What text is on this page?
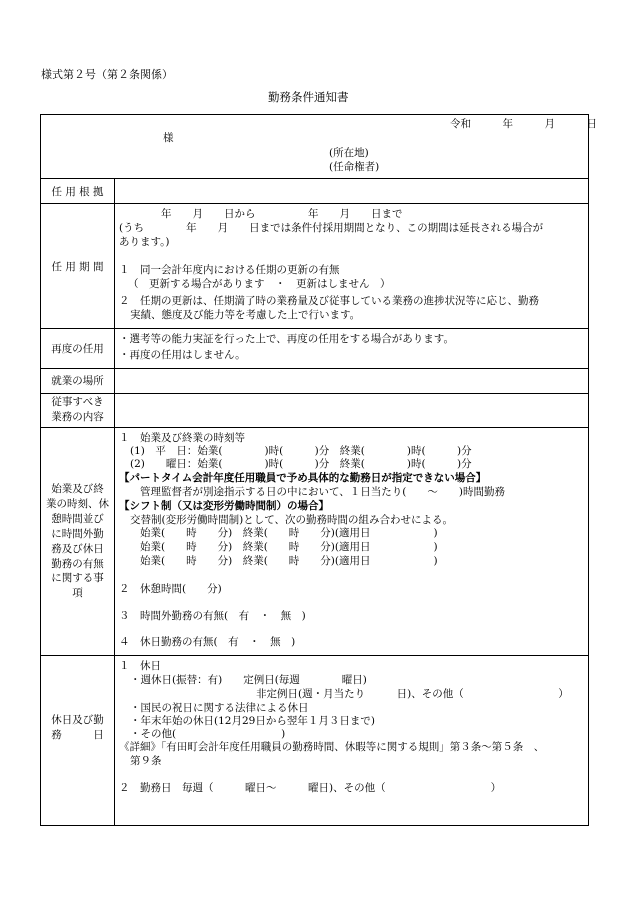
様式第２号（第２条関係）
勤務条件通知書
令和　　　年　　　月　　　日
様
(所在地)
(任命権者)
任 用 根 拠
任 用 期 間
年　　月　　日から　　　　　年　　月　　日まで
(うち　　　　年　　月　　日までは条件付採用期間となり、この期間は延長される場合が
あります。)
１　同一会計年度内における任期の更新の有無
（　更新する場合があります　・　更新はしません　）
２　任期の更新は、任期満了時の業務量及び従事している業務の進捗状況等に応じ、勤務
実績、態度及び能力等を考慮した上で行います。
再度の任用
・選考等の能力実証を行った上で、再度の任用をする場合があります。
・再度の任用はしません。
就業の場所
従事すべき
業務の内容
始業及び終
業の時刻、休
憩時間並び
に時間外勤
務及び休日
勤務の有無
に関する事
項
１　始業及び終業の時刻等
(1)　平　日：始業(　　　　)時(　　　)分　終業(　　　　)時(　　　)分
(2)　　曜日：始業(　　　　)時(　　　)分　終業(　　　　)時(　　　)分
【パートタイム会計年度任用職員で予め具体的な勤務日が指定できない場合】
管理監督者が別途指示する日の中において、１日当たり(　　～　　)時間勤務
【シフト制（又は変形労働時間制）の場合】
交替制(変形労働時間制)として、次の勤務時間の組み合わせによる。
始業(　　時　　分)　終業(　　時　　分)(適用日　　　　　　)
始業(　　時　　分)　終業(　　時　　分)(適用日　　　　　　)
始業(　　時　　分)　終業(　　時　　分)(適用日　　　　　　)
２　休憩時間(　　分)
３　時間外勤務の有無(　有　・　無　)
４　休日勤務の有無(　有　・　無　)
休日及び勤
務　　　日
１　休日
・週休日(振替：有)　　定例日(毎週　　　　曜日)
非定例日(週・月当たり　　　日)、その他（　　　　　　　　　）
・国民の祝日に関する法律による休日
・年末年始の休日(12月29日から翌年１月３日まで)
・その他(　　　　　　　　　　)
《詳細》「有田町会計年度任用職員の勤務時間、休暇等に関する規則」第３条～第５条　、
第９条
２　勤務日　毎週（　　　曜日～　　　曜日)、その他（　　　　　　　　　　）
